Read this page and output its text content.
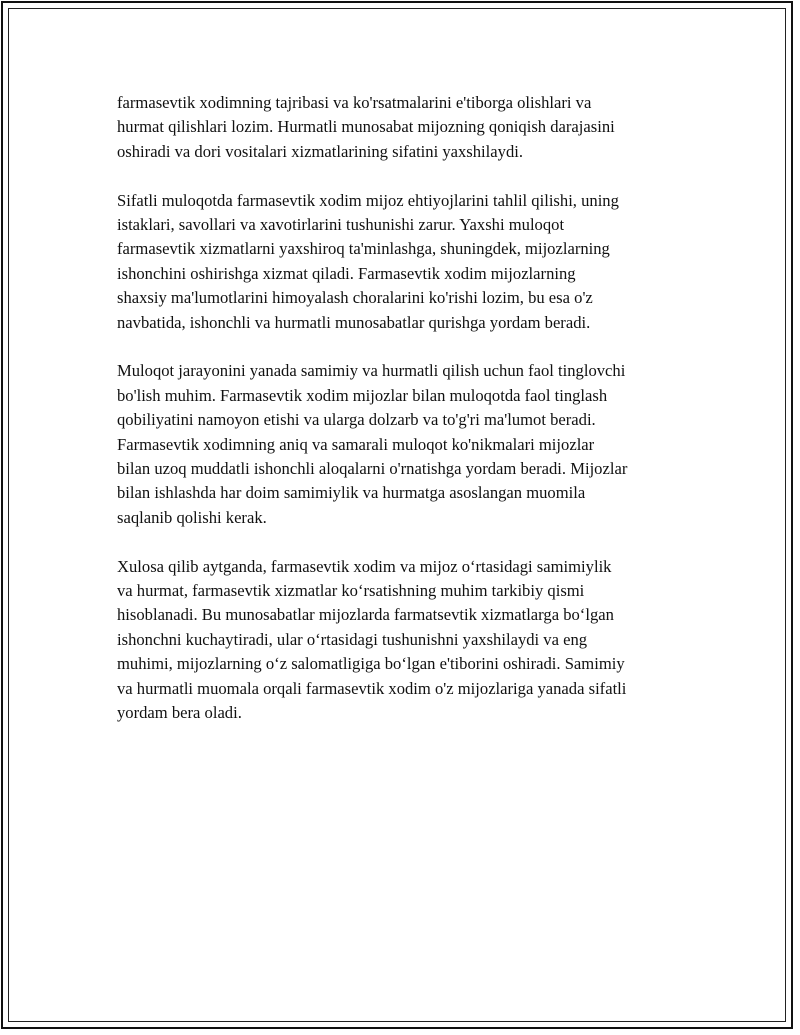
farmasevtik xodimning tajribasi va ko'rsatmalarini e'tiborga olishlari va
hurmat qilishlari lozim. Hurmatli munosabat mijozning qoniqish darajasini
oshiradi va dori vositalari xizmatlarining sifatini yaxshilaydi.

Sifatli muloqotda farmasevtik xodim mijoz ehtiyojlarini tahlil qilishi, uning
istaklari, savollari va xavotirlarini tushunishi zarur. Yaxshi muloqot
farmasevtik xizmatlarni yaxshiroq ta'minlashga, shuningdek, mijozlarning
ishonchini oshirishga xizmat qiladi. Farmasevtik xodim mijozlarning
shaxsiy ma'lumotlarini himoyalash choralarini ko'rishi lozim, bu esa o'z
navbatida, ishonchli va hurmatli munosabatlar qurishga yordam beradi.

Muloqot jarayonini yanada samimiy va hurmatli qilish uchun faol tinglovchi
bo'lish muhim. Farmasevtik xodim mijozlar bilan muloqotda faol tinglash
qobiliyatini namoyon etishi va ularga dolzarb va to'g'ri ma'lumot beradi.
Farmasevtik xodimning aniq va samarali muloqot ko'nikmalari mijozlar
bilan uzoq muddatli ishonchli aloqalarni o'rnatishga yordam beradi. Mijozlar
bilan ishlashda har doim samimiylik va hurmatga asoslangan muomila
saqlanib qolishi kerak.

Xulosa qilib aytganda, farmasevtik xodim va mijoz o‘rtasidagi samimiylik
va hurmat, farmasevtik xizmatlar ko‘rsatishning muhim tarkibiy qismi
hisoblanadi. Bu munosabatlar mijozlarda farmatsevtik xizmatlarga bo‘lgan
ishonchni kuchaytiradi, ular o‘rtasidagi tushunishni yaxshilaydi va eng
muhimi, mijozlarning o‘z salomatligiga bo‘lgan e'tiborini oshiradi. Samimiy
va hurmatli muomala orqali farmasevtik xodim o'z mijozlariga yanada sifatli
yordam bera oladi.
